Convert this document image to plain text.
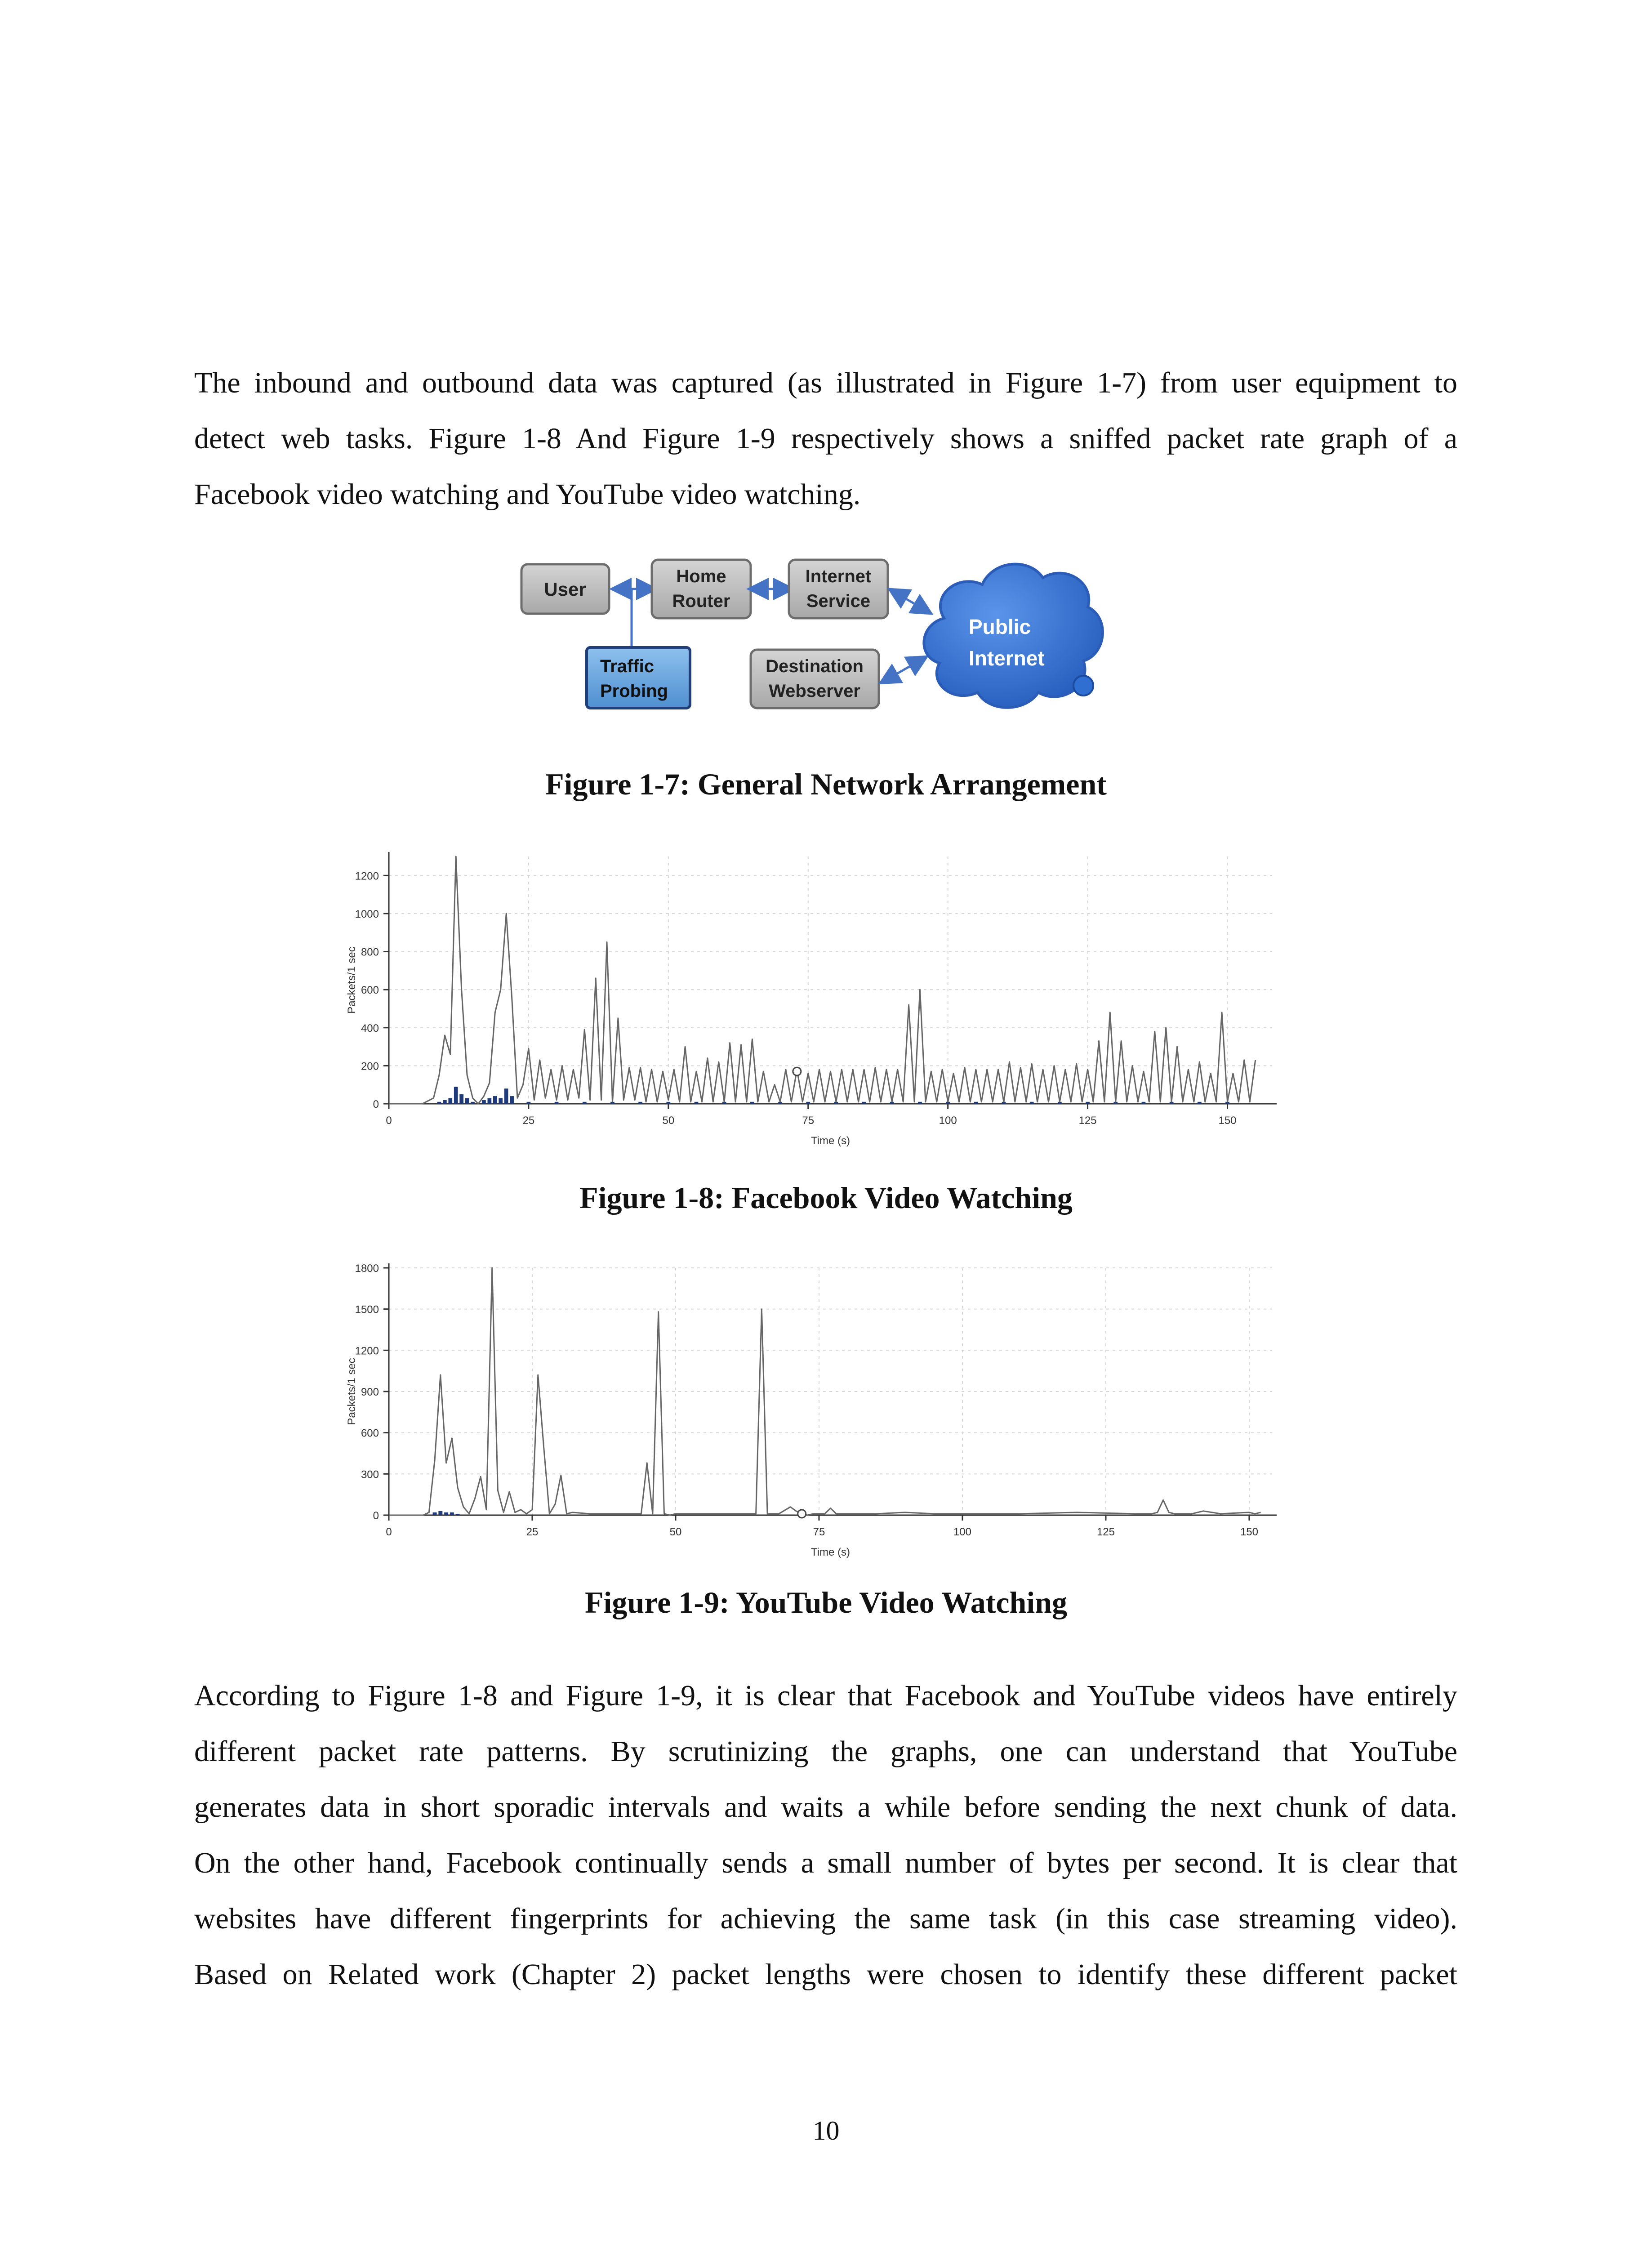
The inbound and outbound data was captured (as illustrated in Figure 1-7) from user equipment to
detect web tasks. Figure 1-8 And Figure 1-9 respectively shows a sniffed packet rate graph of a
Facebook video watching and YouTube video watching.

User
Home
Router
Internet
Service
Traffic
Probing
Destination
Webserver
Public
Internet

Figure 1-7: General Network Arrangement

0
200
400
600
800
1000
1200
0	25	50	75	100	125	150
Time (s)
Packets/1 sec

Figure 1-8: Facebook Video Watching

0
300
600
900
1200
1500
1800
0	25	50	75	100	125	150
Time (s)
Packets/1 sec

Figure 1-9: YouTube Video Watching

According to Figure 1-8 and Figure 1-9, it is clear that Facebook and YouTube videos have entirely
different packet rate patterns. By scrutinizing the graphs, one can understand that YouTube
generates data in short sporadic intervals and waits a while before sending the next chunk of data.
On the other hand, Facebook continually sends a small number of bytes per second. It is clear that
websites have different fingerprints for achieving the same task (in this case streaming video).
Based on Related work (Chapter 2) packet lengths were chosen to identify these different packet

10
